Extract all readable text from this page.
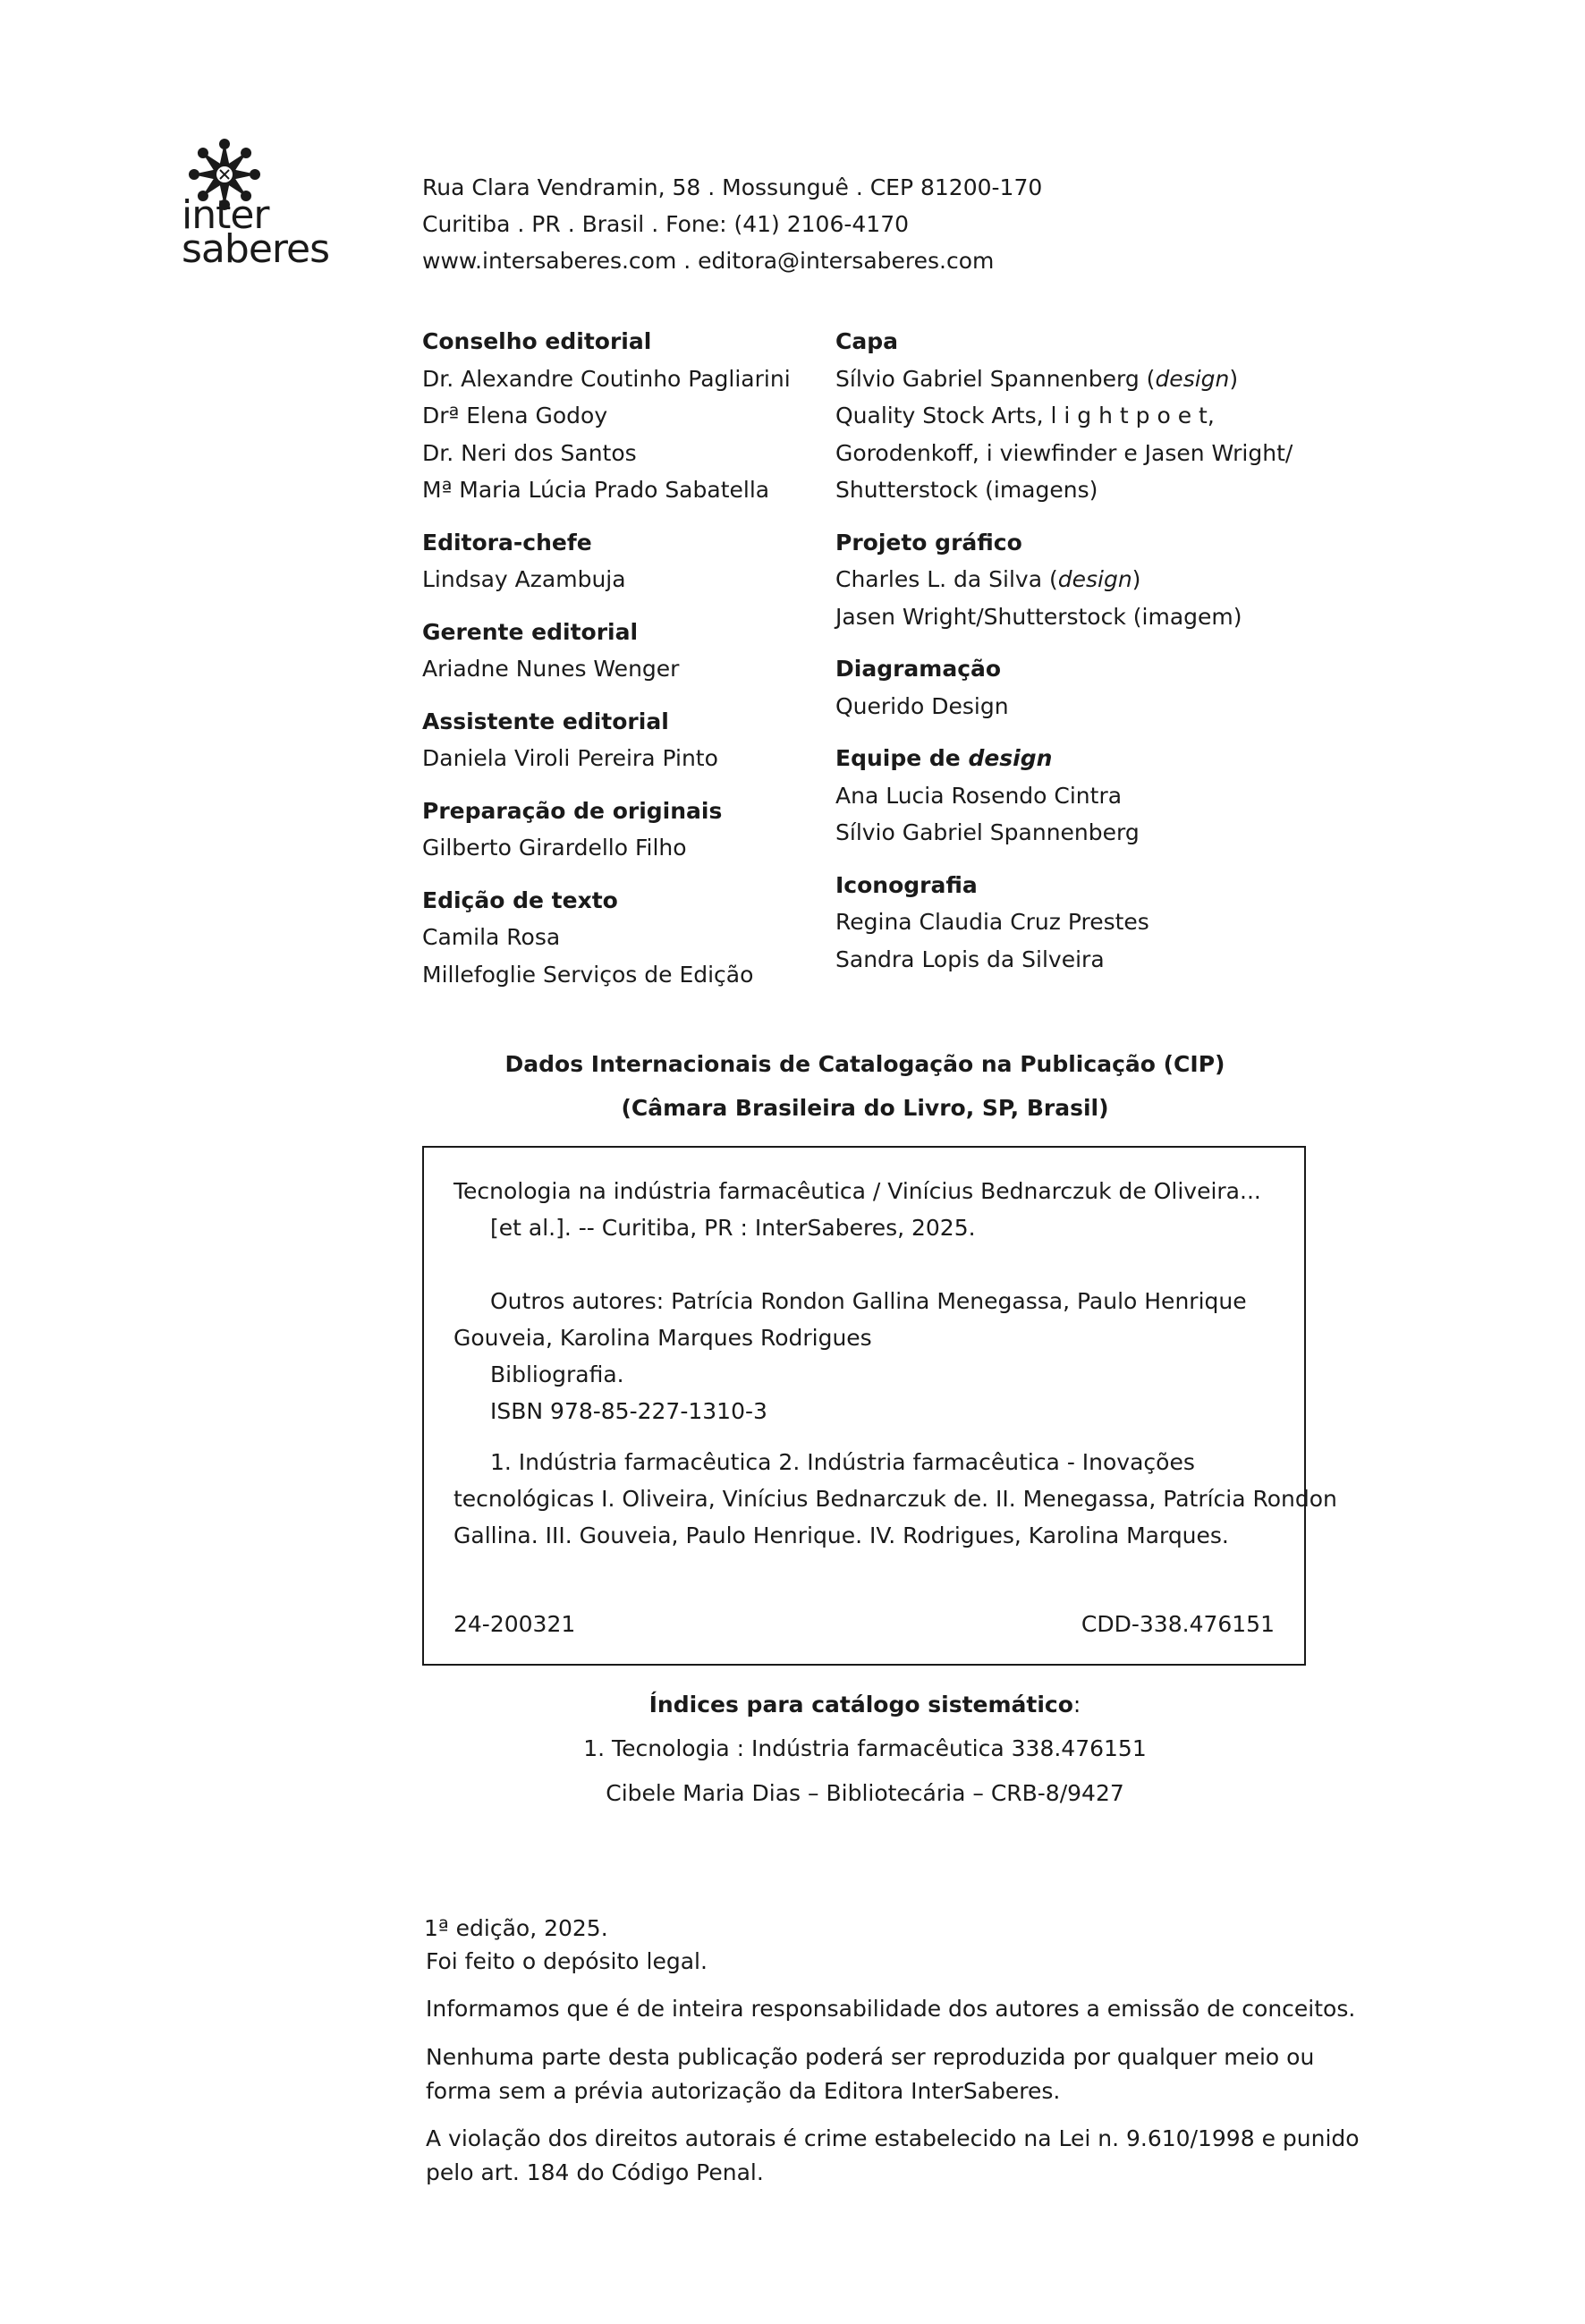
inter
saberes
Rua Clara Vendramin, 58 . Mossunguê . CEP 81200-170
Curitiba . PR . Brasil . Fone: (41) 2106-4170
www.intersaberes.com . editora@intersaberes.com

Conselho editorial

Dr. Alexandre Coutinho Pagliarini

Drª Elena Godoy

Dr. Neri dos Santos

Mª Maria Lúcia Prado Sabatella

Editora-chefe

Lindsay Azambuja

Gerente editorial

Ariadne Nunes Wenger

Assistente editorial

Daniela Viroli Pereira Pinto

Preparação de originais

Gilberto Girardello Filho

Edição de texto

Camila Rosa

Millefoglie Serviços de Edição

Capa

Sílvio Gabriel Spannenberg (design)

Quality Stock Arts, l i g h t p o e t,

Gorodenkoff, i viewfinder e Jasen Wright/

Shutterstock (imagens)

Projeto gráfico

Charles L. da Silva (design)

Jasen Wright/Shutterstock (imagem)

Diagramação

Querido Design

Equipe de design

Ana Lucia Rosendo Cintra

Sílvio Gabriel Spannenberg

Iconografia

Regina Claudia Cruz Prestes

Sandra Lopis da Silveira

Dados Internacionais de Catalogação na Publicação (CIP)
(Câmara Brasileira do Livro, SP, Brasil)

Tecnologia na indústria farmacêutica / Vinícius Bednarczuk de Oliveira...

[et al.]. -- Curitiba, PR : InterSaberes, 2025.

Outros autores: Patrícia Rondon Gallina Menegassa, Paulo Henrique

Gouveia, Karolina Marques Rodrigues

Bibliografia.

ISBN 978-85-227-1310-3

1. Indústria farmacêutica 2. Indústria farmacêutica - Inovações

tecnológicas I. Oliveira, Vinícius Bednarczuk de. II. Menegassa, Patrícia Rondon

Gallina. III. Gouveia, Paulo Henrique. IV. Rodrigues, Karolina Marques.

24-200321	CDD-338.476151

Índices para catálogo sistemático:
1. Tecnologia : Indústria farmacêutica 338.476151
Cibele Maria Dias – Bibliotecária – CRB-8/9427

1ª edição, 2025.

Foi feito o depósito legal.

Informamos que é de inteira responsabilidade dos autores a emissão de conceitos.

Nenhuma parte desta publicação poderá ser reproduzida por qualquer meio ou

forma sem a prévia autorização da Editora InterSaberes.

A violação dos direitos autorais é crime estabelecido na Lei n. 9.610/1998 e punido

pelo art. 184 do Código Penal.
